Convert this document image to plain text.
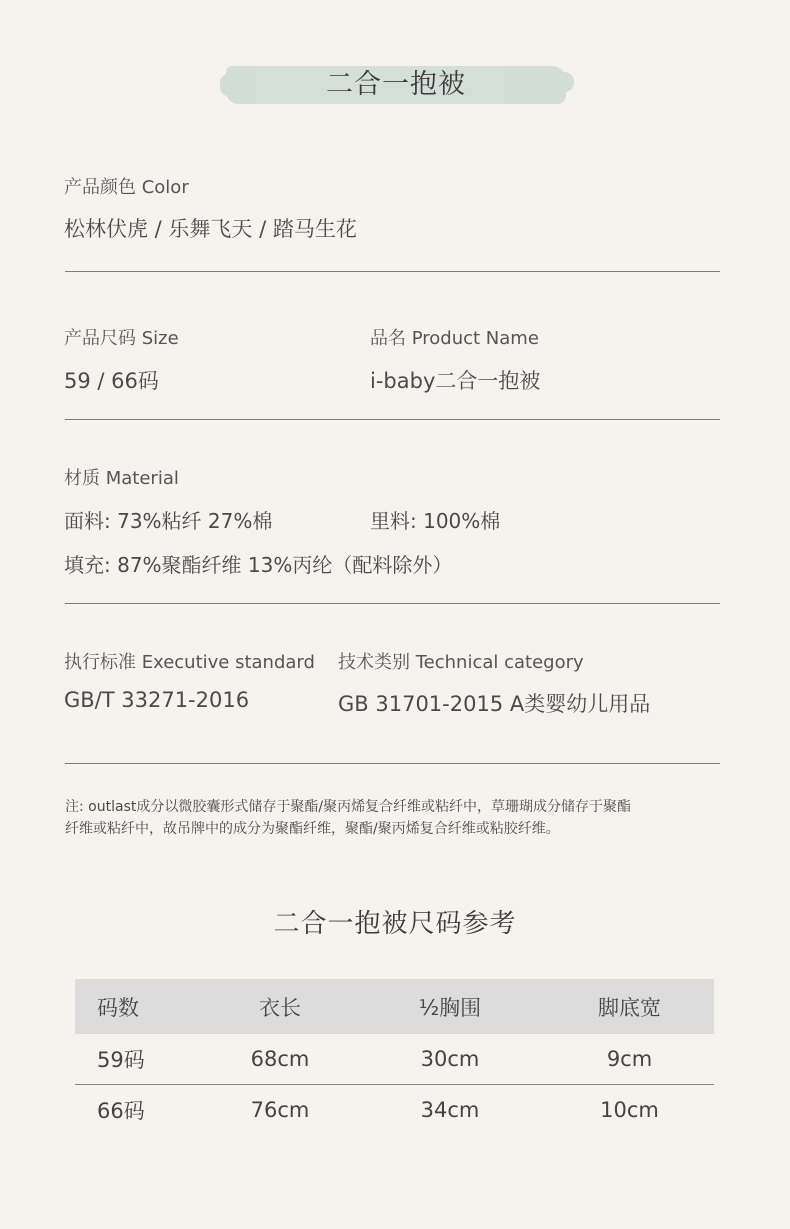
二合一抱被
产品颜色 Color
松林伏虎 / 乐舞飞天 / 踏马生花
产品尺码 Size
59 / 66码
品名 Product Name
i-baby二合一抱被
材质 Material
面料: 73%粘纤 27%棉	里料: 100%棉
填充: 87%聚酯纤维 13%丙纶（配料除外）
执行标准 Executive standard
GB/T 33271-2016
技术类别 Technical category
GB 31701-2015 A类婴幼儿用品
注: outlast成分以微胶囊形式储存于聚酯/聚丙烯复合纤维或粘纤中，草珊瑚成分储存于聚酯
纤维或粘纤中，故吊牌中的成分为聚酯纤维，聚酯/聚丙烯复合纤维或粘胶纤维。
二合一抱被尺码参考
码数	衣长	½胸围	脚底宽
59码	68cm	30cm	9cm
66码	76cm	34cm	10cm
